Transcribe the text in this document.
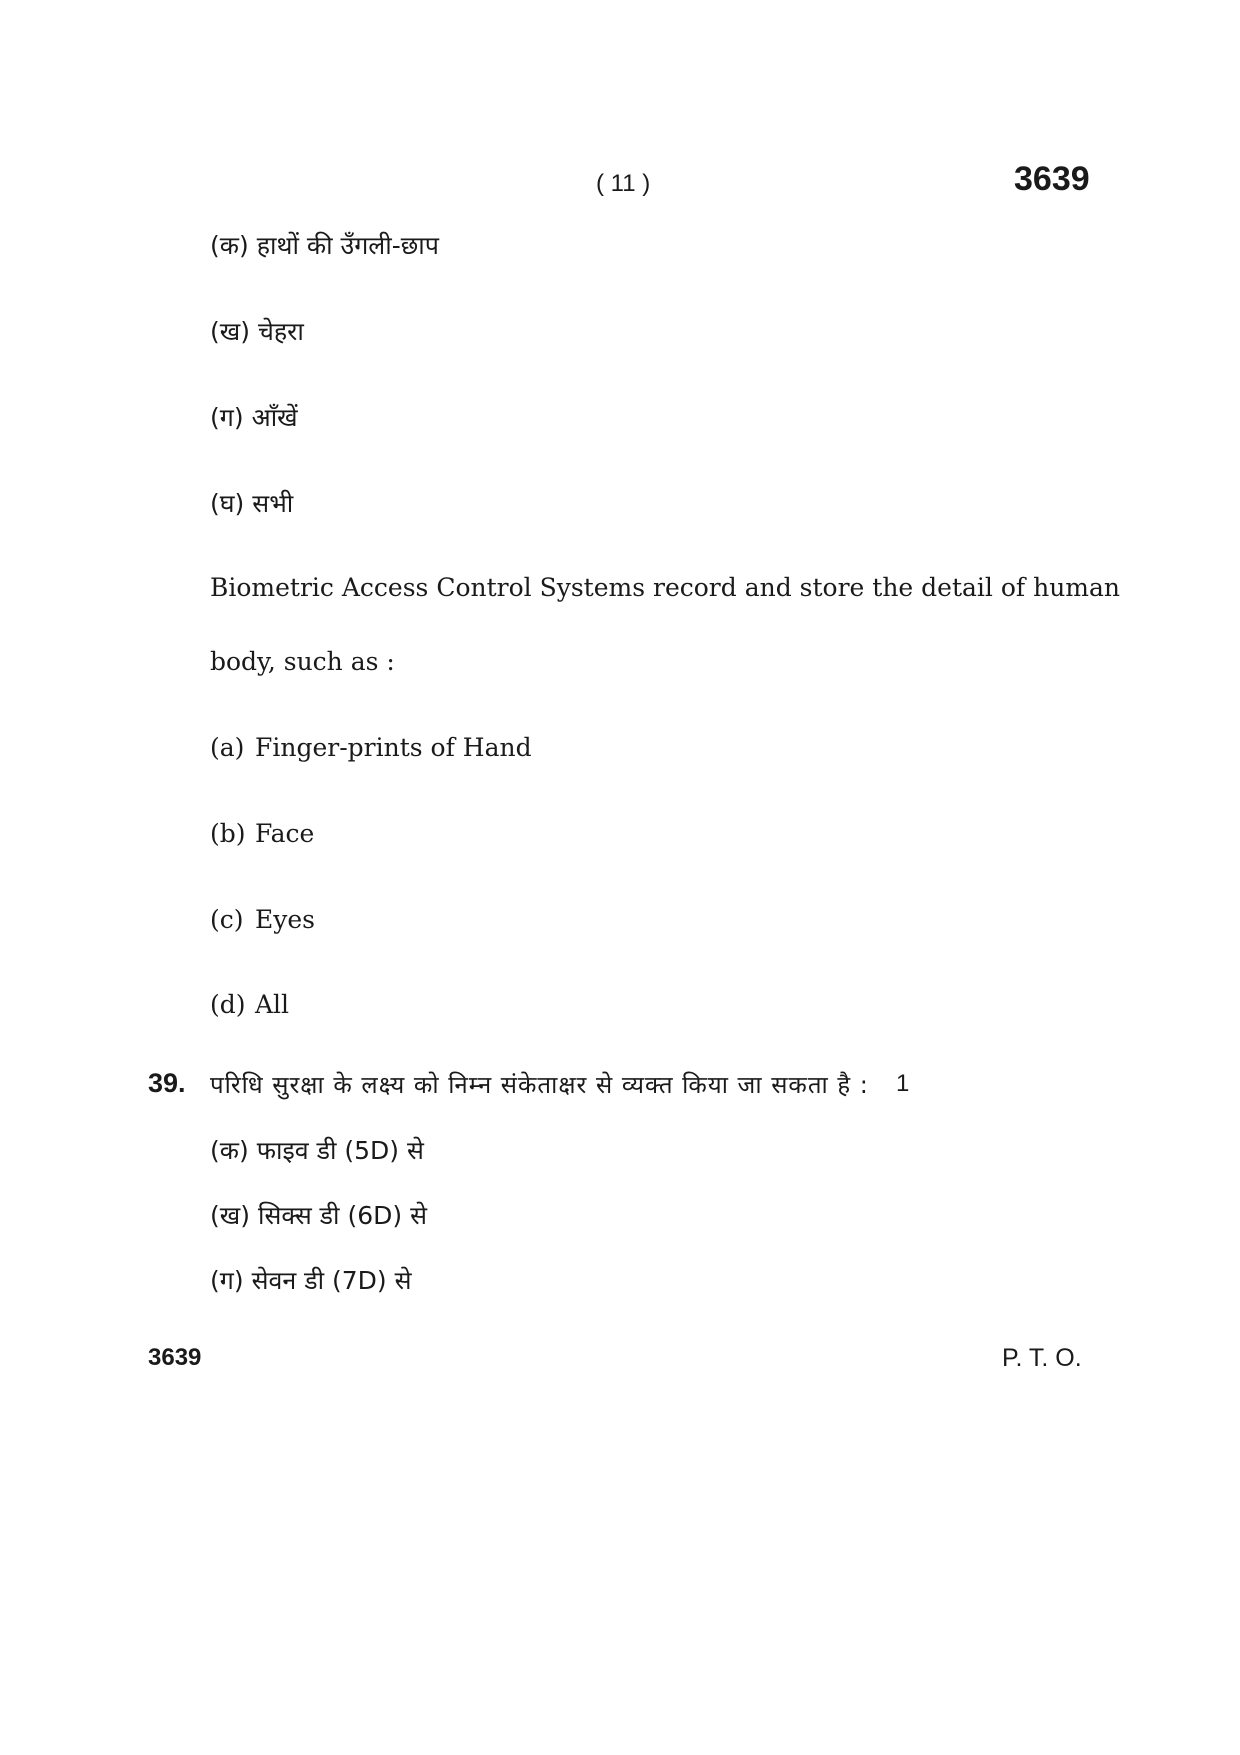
( 11 )	3639
(क) हाथों की उँगली-छाप
(ख) चेहरा
(ग) आँखें
(घ) सभी
Biometric Access Control Systems record and store the detail of human
body, such as :
(a) Finger-prints of Hand
(b) Face
(c) Eyes
(d) All
39. परिधि सुरक्षा के लक्ष्य को निम्न संकेताक्षर से व्यक्त किया जा सकता है : 1
(क) फाइव डी (5D) से
(ख) सिक्स डी (6D) से
(ग) सेवन डी (7D) से
3639	P. T. O.
